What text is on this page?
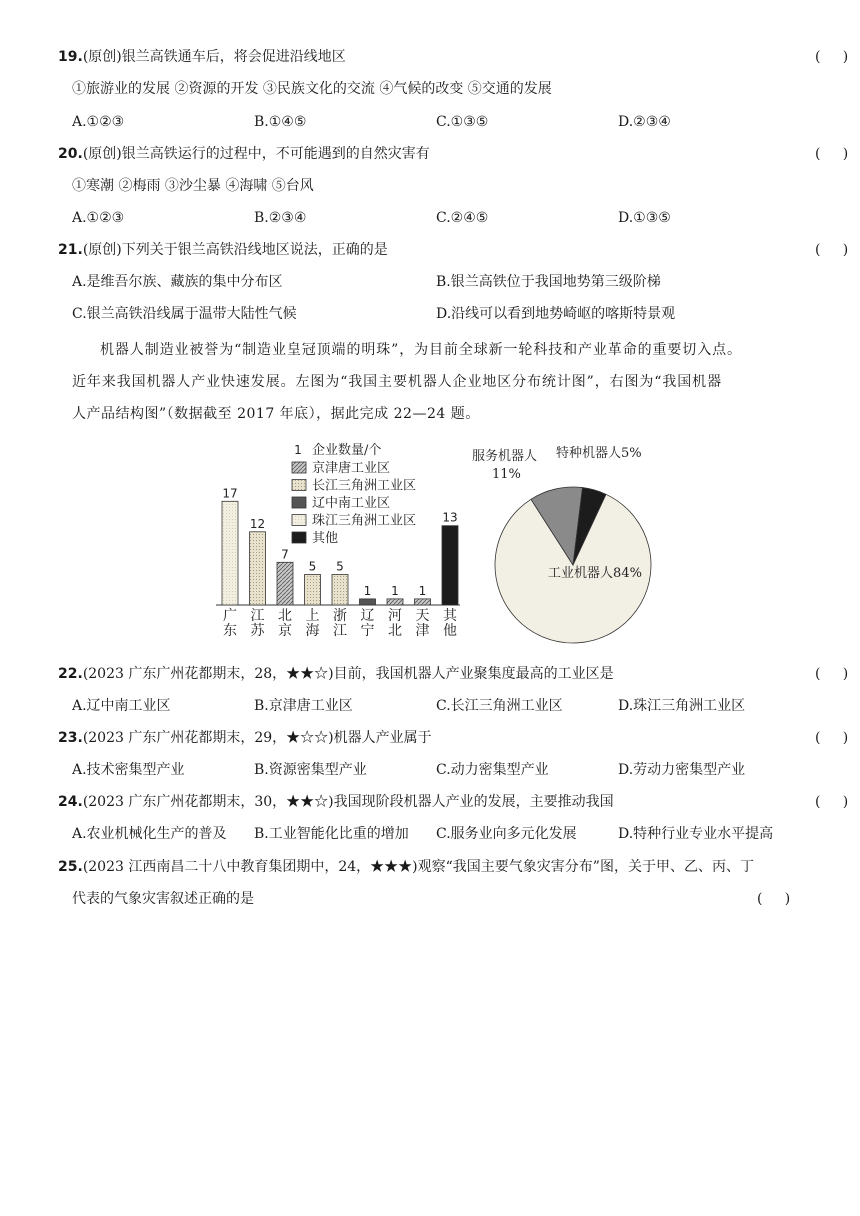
19.(原创)银兰高铁通车后，将会促进沿线地区	(     )
①旅游业的发展 ②资源的开发 ③民族文化的交流 ④气候的改变 ⑤交通的发展
A.①②③	B.①④⑤	C.①③⑤	D.②③④
20.(原创)银兰高铁运行的过程中，不可能遇到的自然灾害有	(     )
①寒潮 ②梅雨 ③沙尘暴 ④海啸 ⑤台风
A.①②③	B.②③④	C.②④⑤	D.①③⑤
21.(原创)下列关于银兰高铁沿线地区说法，正确的是	(     )
A.是维吾尔族、藏族的集中分布区	B.银兰高铁位于我国地势第三级阶梯
C.银兰高铁沿线属于温带大陆性气候	D.沿线可以看到地势崎岖的喀斯特景观
机器人制造业被誉为“制造业皇冠顶端的明珠”，为目前全球新一轮科技和产业革命的重要切入点。
近年来我国机器人产业快速发展。左图为“我国主要机器人企业地区分布统计图”，右图为“我国机器
人产品结构图”（数据截至 2017 年底），据此完成 22—24 题。
17
广
东
12
江
苏
7
北
京
5
上
海
5
浙
江
1
辽
宁
1
河
北
1
天
津
13
其
他
1 企业数量/个
京津唐工业区
长江三角洲工业区
辽中南工业区
珠江三角洲工业区
其他
工业机器人84%
服务机器人
11%
特种机器人5%
22.(2023 广东广州花都期末，28，★★☆)目前，我国机器人产业聚集度最高的工业区是	(     )
A.辽中南工业区	B.京津唐工业区	C.长江三角洲工业区	D.珠江三角洲工业区
23.(2023 广东广州花都期末，29，★☆☆)机器人产业属于	(     )
A.技术密集型产业	B.资源密集型产业	C.动力密集型产业	D.劳动力密集型产业
24.(2023 广东广州花都期末，30，★★☆)我国现阶段机器人产业的发展，主要推动我国	(     )
A.农业机械化生产的普及 B.工业智能化比重的增加 C.服务业向多元化发展	D.特种行业专业水平提高
25.(2023 江西南昌二十八中教育集团期中，24，★★★)观察“我国主要气象灾害分布”图，关于甲、乙、丙、丁
代表的气象灾害叙述正确的是	(     )
